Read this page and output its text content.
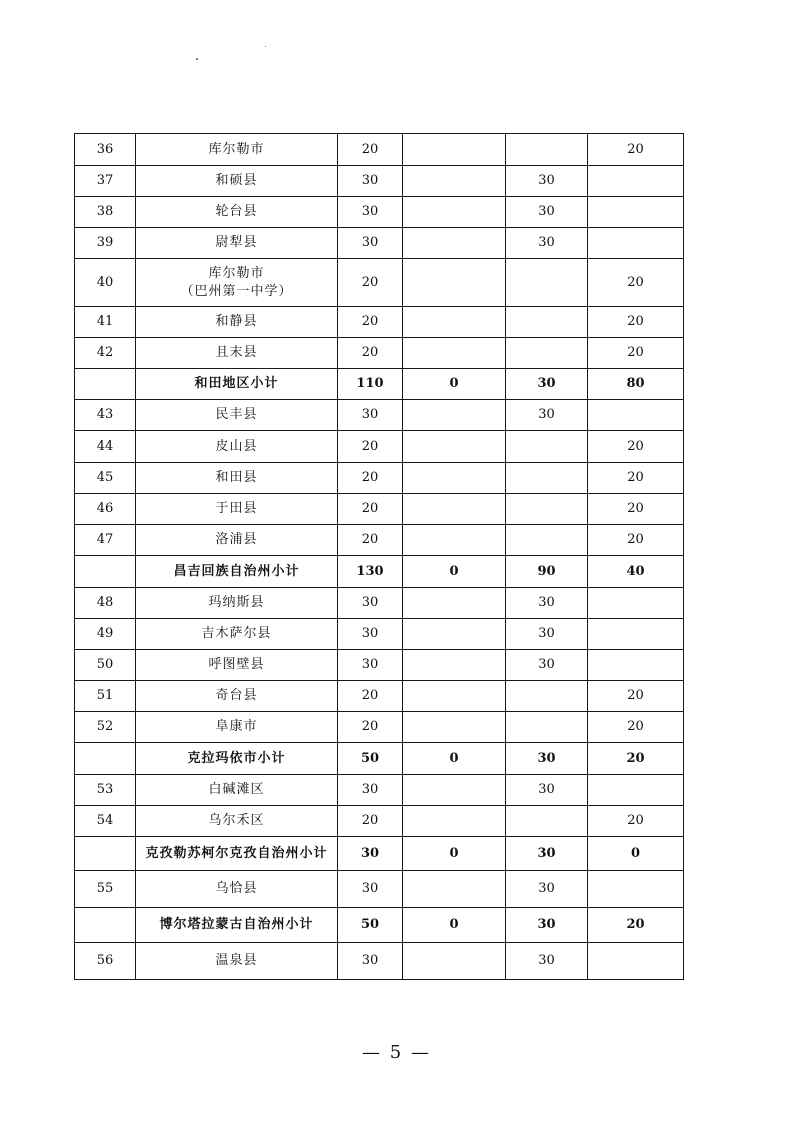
36	库尔勒市	20			20
37	和硕县	30		30	
38	轮台县	30		30	
39	尉犁县	30		30	
40	库尔勒市
（巴州第一中学）	20			20
41	和静县	20			20
42	且末县	20			20

	和田地区小计	110	0	30	80
43	民丰县	30		30	
44	皮山县	20			20
45	和田县	20			20
46	于田县	20			20
47	洛浦县	20			20

	昌吉回族自治州小计	130	0	90	40
48	玛纳斯县	30		30	
49	吉木萨尔县	30		30	
50	呼图壁县	30		30	
51	奇台县	20			20
52	阜康市	20			20

	克拉玛依市小计	50	0	30	20
53	白碱滩区	30		30	
54	乌尔禾区	20			20

	克孜勒苏柯尔克孜自治州小计	30	0	30	0
55	乌恰县	30		30	

	博尔塔拉蒙古自治州小计	50	0	30	20
56	温泉县	30		30	
— 5 —
